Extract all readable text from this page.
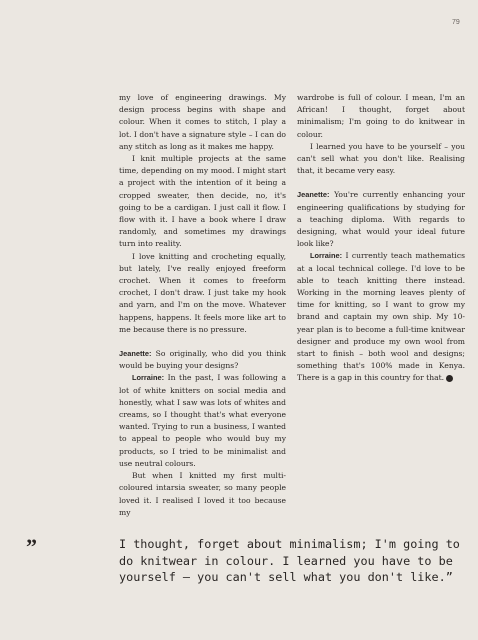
79

my love of engineering drawings. My design process begins with shape and colour. When it comes to stitch, I play a lot. I don't have a signature style – I can do any stitch as long as it makes me happy.

I knit multiple projects at the same time, depending on my mood. I might start a project with the intention of it being a cropped sweater, then decide, no, it's going to be a cardigan. I just call it flow. I flow with it. I have a book where I draw randomly, and sometimes my drawings turn into reality.

I love knitting and crocheting equally, but lately, I've really enjoyed freeform crochet. When it comes to freeform crochet, I don't draw. I just take my hook and yarn, and I'm on the move. Whatever happens, happens. It feels more like art to me because there is no pressure.

Jeanette: So originally, who did you think would be buying your designs?

Lorraine: In the past, I was following a lot of white knitters on social media and honestly, what I saw was lots of whites and creams, so I thought that's what everyone wanted. Trying to run a business, I wanted to appeal to people who would buy my products, so I tried to be minimalist and use neutral colours.

But when I knitted my first multi-coloured intarsia sweater, so many people loved it. I realised I loved it too because my

wardrobe is full of colour. I mean, I'm an African! I thought, forget about minimalism; I'm going to do knitwear in colour.

I learned you have to be yourself – you can't sell what you don't like. Realising that, it became very easy.

Jeanette: You're currently enhancing your engineering qualifications by studying for a teaching diploma. With regards to designing, what would your ideal future look like?

Lorraine: I currently teach mathematics at a local technical college. I'd love to be able to teach knitting there instead. Working in the morning leaves plenty of time for knitting, so I want to grow my brand and captain my own ship. My 10-year plan is to become a full-time knitwear designer and produce my own wool from start to finish – both wool and designs; something that's 100% made in Kenya. There is a gap in this country for that.	L

”	I thought, forget about minimalism; I'm going to do knitwear in colour. I learned you have to be yourself – you can't sell what you don't like.”
